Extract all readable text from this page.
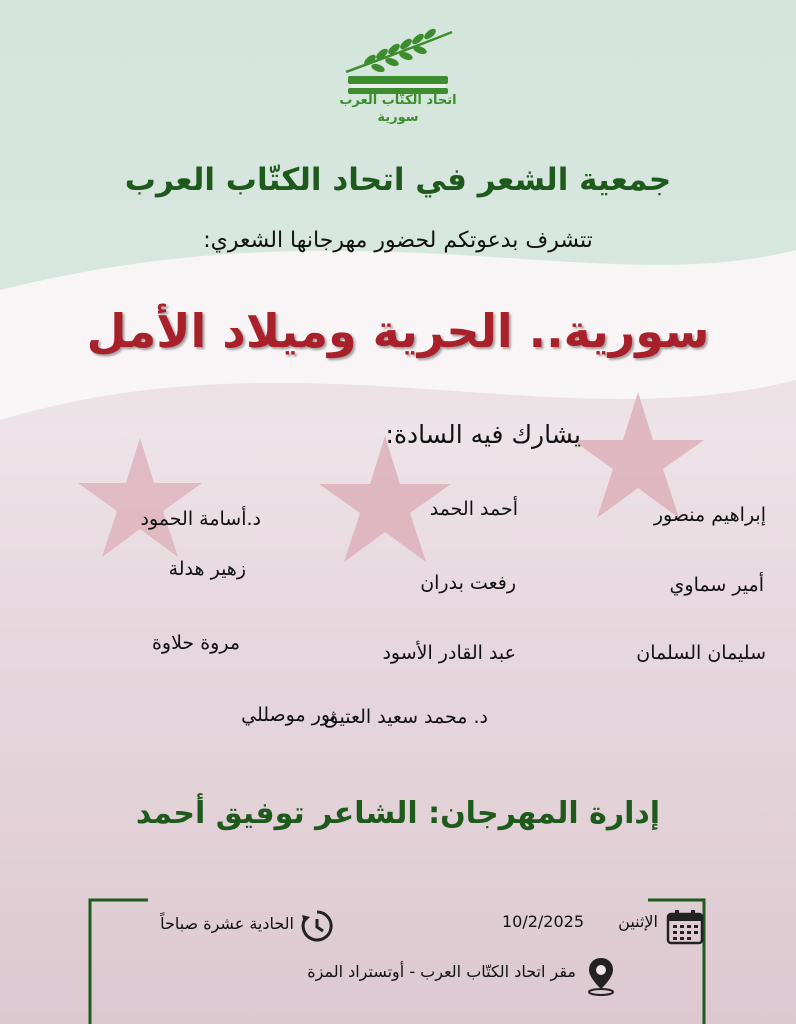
اتحاد الكتّاب العرب
سورية
جمعية الشعر في اتحاد الكتّاب العرب

تتشرف بدعوتكم لحضور مهرجانها الشعري:

سورية.. الحرية وميلاد الأمل

يشارك فيه السادة:

إبراهيم منصور
أحمد الحمد
د.أسامة الحمود
زهير هدلة
أمير سماوي
رفعت بدران
سليمان السلمان
عبد القادر الأسود
مروة حلاوة
د. محمد سعيد العتيق
نور موصللي
إدارة المهرجان: الشاعر توفيق أحمد
الإثنين
10/2/2025
الحادية عشرة صباحاً
مقر اتحاد الكتّاب العرب - أوتستراد المزة
